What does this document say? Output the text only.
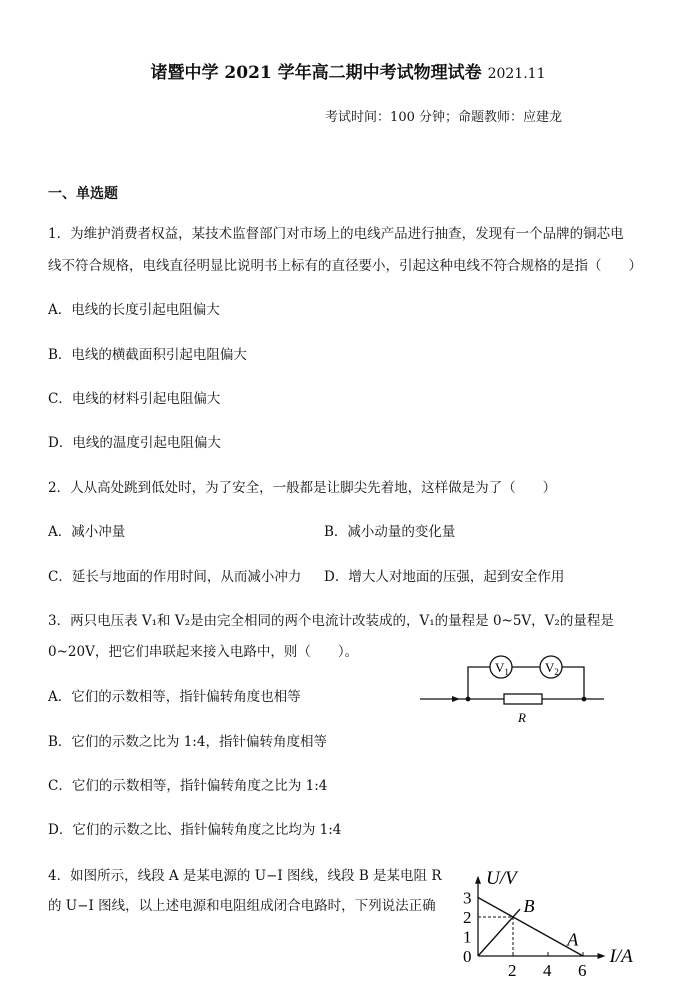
诸暨中学 2021 学年高二期中考试物理试卷 2021.11
考试时间：100 分钟；命题教师：应建龙
一、单选题
1．为维护消费者权益，某技术监督部门对市场上的电线产品进行抽查，发现有一个品牌的铜芯电
线不符合规格，电线直径明显比说明书上标有的直径要小，引起这种电线不符合规格的是指（　　）
A．电线的长度引起电阻偏大
B．电线的横截面积引起电阻偏大
C．电线的材料引起电阻偏大
D．电线的温度引起电阻偏大
2．人从高处跳到低处时，为了安全，一般都是让脚尖先着地，这样做是为了（　　）
A．减小冲量	B．减小动量的变化量
C．延长与地面的作用时间，从而减小冲力 D．增大人对地面的压强，起到安全作用
3．两只电压表 V₁和 V₂是由完全相同的两个电流计改装成的，V₁的量程是 0~5V，V₂的量程是
0~20V，把它们串联起来接入电路中，则（　　）。
A．它们的示数相等，指针偏转角度也相等
B．它们的示数之比为 1:4，指针偏转角度相等
C．它们的示数相等，指针偏转角度之比为 1:4
D．它们的示数之比、指针偏转角度之比均为 1:4
$V_1$	$V_2$
R
4．如图所示，线段 A 是某电源的 U−I 图线，线段 B 是某电阻 R
的 U−I 图线，以上述电源和电阻组成闭合电路时，下列说法正确
U/V
I/A
0
3
2
1
2 4 6
A
B
